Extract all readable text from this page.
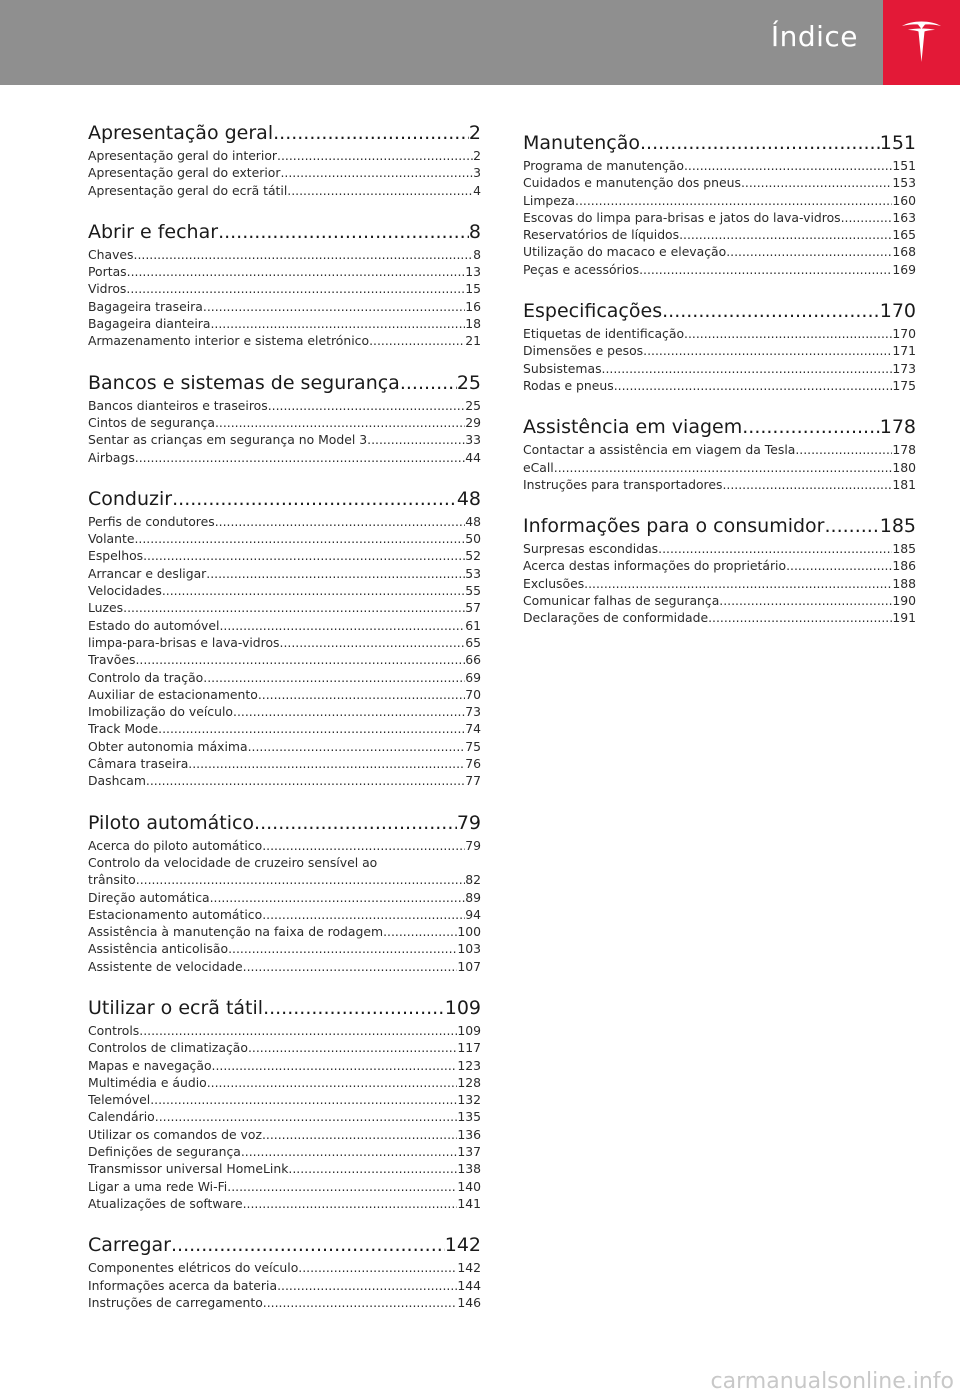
Índice
Apresentação geral .....	2
Apresentação geral do interior .....	2
Apresentação geral do exterior .....	3
Apresentação geral do ecrã tátil .....	4
Abrir e fechar .....	8
Chaves .....	8
Portas .....	13
Vidros .....	15
Bagageira traseira .....	16
Bagageira dianteira .....	18
Armazenamento interior e sistema eletrónico .....	21
Bancos e sistemas de segurança .....	25
Bancos dianteiros e traseiros .....	25
Cintos de segurança .....	29
Sentar as crianças em segurança no Model 3 .....	33
Airbags .....	44
Conduzir .....	48
Perfis de condutores .....	48
Volante .....	50
Espelhos .....	52
Arrancar e desligar .....	53
Velocidades .....	55
Luzes .....	57
Estado do automóvel .....	61
limpa-para-brisas e lava-vidros .....	65
Travões .....	66
Controlo da tração .....	69
Auxiliar de estacionamento .....	70
Imobilização do veículo .....	73
Track Mode .....	74
Obter autonomia máxima .....	75
Câmara traseira .....	76
Dashcam .....	77
Piloto automático .....	79
Acerca do piloto automático .....	79
Controlo da velocidade de cruzeiro sensível ao
trânsito .....	82
Direção automática .....	89
Estacionamento automático .....	94
Assistência à manutenção na faixa de rodagem .....	100
Assistência anticolisão .....	103
Assistente de velocidade .....	107
Utilizar o ecrã tátil .....	109
Controls .....	109
Controlos de climatização .....	117
Mapas e navegação .....	123
Multimédia e áudio .....	128
Telemóvel .....	132
Calendário .....	135
Utilizar os comandos de voz .....	136
Definições de segurança .....	137
Transmissor universal HomeLink .....	138
Ligar a uma rede Wi-Fi .....	140
Atualizações de software .....	141
Carregar .....	142
Componentes elétricos do veículo .....	142
Informações acerca da bateria .....	144
Instruções de carregamento .....	146
Manutenção .....	151
Programa de manutenção .....	151
Cuidados e manutenção dos pneus .....	153
Limpeza .....	160
Escovas do limpa para-brisas e jatos do lava-vidros .....	163
Reservatórios de líquidos .....	165
Utilização do macaco e elevação .....	168
Peças e acessórios .....	169
Especificações .....	170
Etiquetas de identificação .....	170
Dimensões e pesos .....	171
Subsistemas .....	173
Rodas e pneus .....	175
Assistência em viagem .....	178
Contactar a assistência em viagem da Tesla .....	178
eCall .....	180
Instruções para transportadores .....	181
Informações para o consumidor .....	185
Surpresas escondidas .....	185
Acerca destas informações do proprietário .....	186
Exclusões .....	188
Comunicar falhas de segurança .....	190
Declarações de conformidade .....	191
carmanualsonline.info
